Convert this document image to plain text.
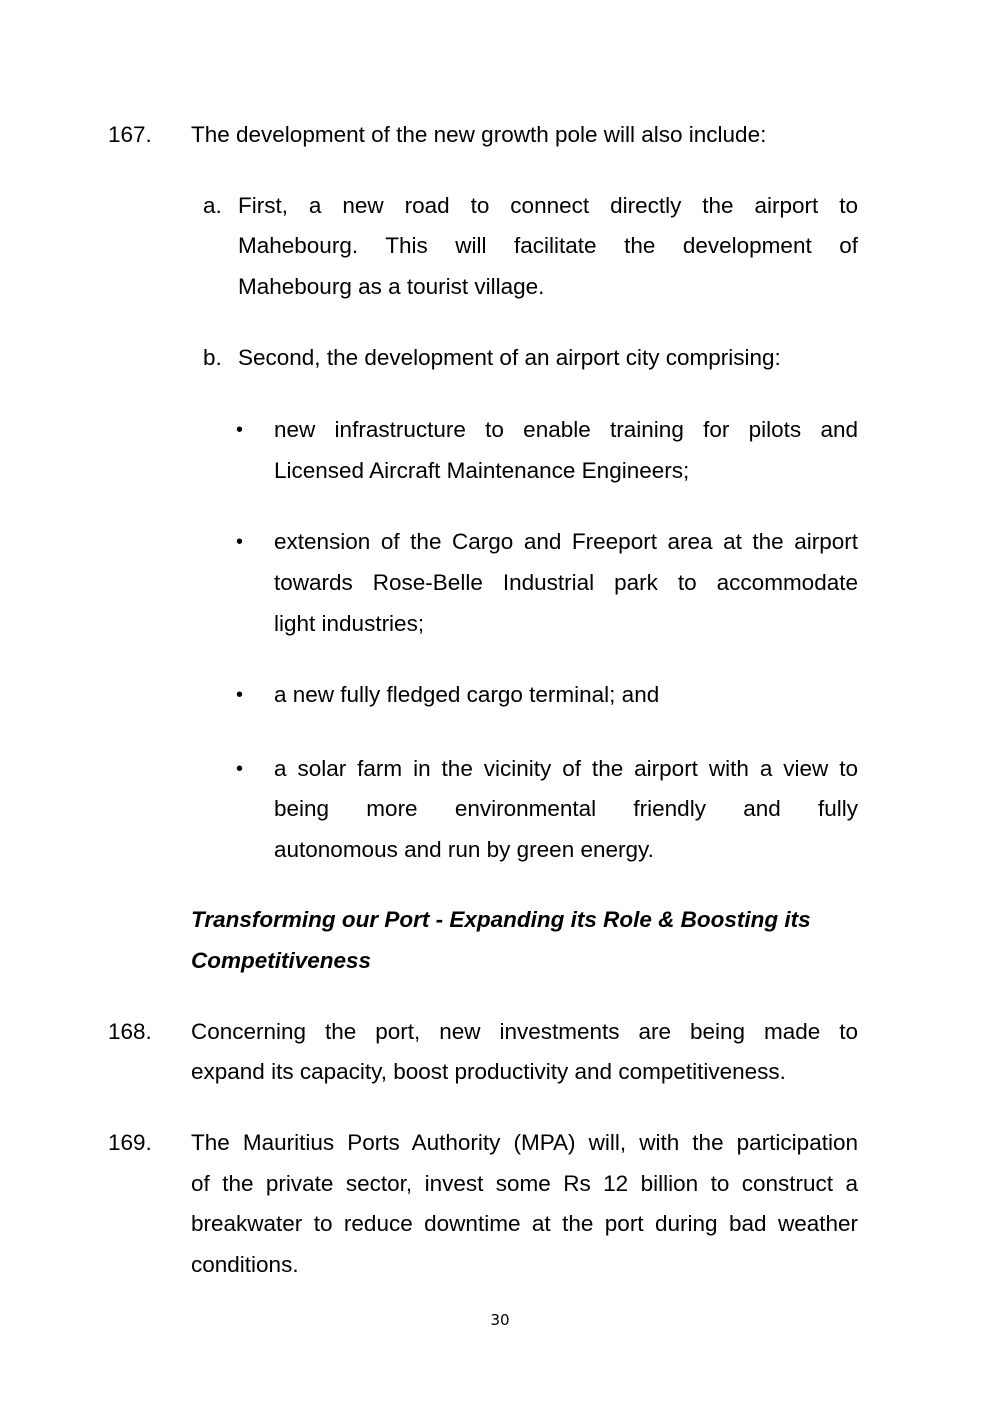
167. The development of the new growth pole will also include:
a. First, a new road to connect directly the airport to
Mahebourg. This will facilitate the development of
Mahebourg as a tourist village.
b. Second, the development of an airport city comprising:
• new infrastructure to enable training for pilots and
Licensed Aircraft Maintenance Engineers;
• extension of the Cargo and Freeport area at the airport
towards Rose-Belle Industrial park to accommodate
light industries;
• a new fully fledged cargo terminal; and
• a solar farm in the vicinity of the airport with a view to
being more environmental friendly and fully
autonomous and run by green energy.
Transforming our Port - Expanding its Role & Boosting its
Competitiveness
168. Concerning the port, new investments are being made to
expand its capacity, boost productivity and competitiveness.
169. The Mauritius Ports Authority (MPA) will, with the participation
of the private sector, invest some Rs 12 billion to construct a
breakwater to reduce downtime at the port during bad weather
conditions.
30
